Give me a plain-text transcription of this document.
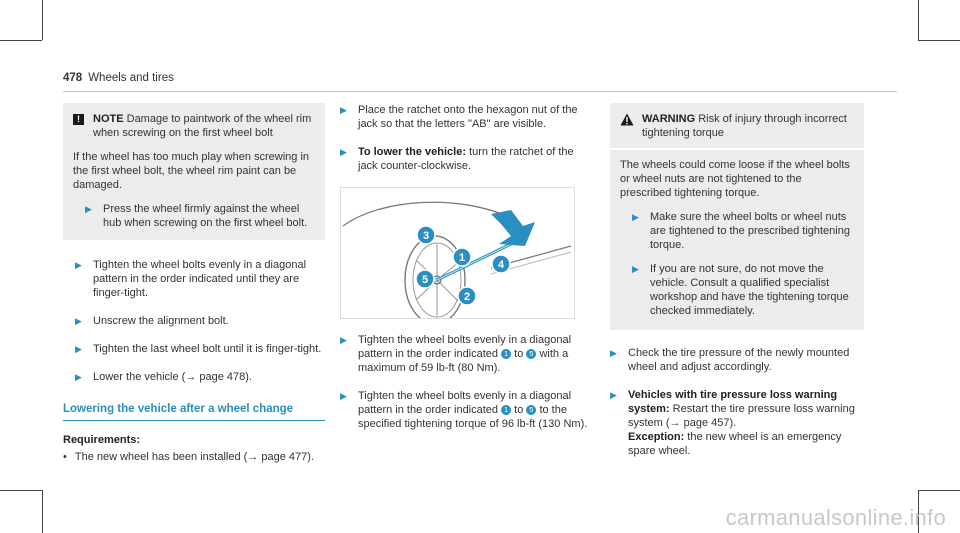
478 Wheels and tires
!	NOTE Damage to paintwork of the wheel rim when screwing on the first wheel bolt

If the wheel has too much play when screwing in the first wheel bolt, the wheel rim paint can be damaged.

▶ Press the wheel firmly against the wheel hub when screwing on the first wheel bolt.
▶ Tighten the wheel bolts evenly in a diagonal pattern in the order indicated until they are finger-tight.
▶ Unscrew the alignment bolt.
▶ Tighten the last wheel bolt until it is finger-tight.
▶ Lower the vehicle (→ page 478).
Lowering the vehicle after a wheel change
Requirements:
• The new wheel has been installed (→ page 477).
▶ Place the ratchet onto the hexagon nut of the jack so that the letters "AB" are visible.
▶ To lower the vehicle: turn the ratchet of the jack counter-clockwise.
1
2
3
4
5
▶ Tighten the wheel bolts evenly in a diagonal pattern in the order indicated 1 to 5 with a maximum of 59 lb-ft (80 Nm).
▶ Tighten the wheel bolts evenly in a diagonal pattern in the order indicated 1 to 5 to the specified tightening torque of 96 lb-ft (130 Nm).
WARNING Risk of injury through incorrect tightening torque

The wheels could come loose if the wheel bolts or wheel nuts are not tightened to the prescribed tightening torque.

▶ Make sure the wheel bolts or wheel nuts are tightened to the prescribed tightening torque.
▶ If you are not sure, do not move the vehicle. Consult a qualified specialist workshop and have the tightening torque checked immediately.
▶ Check the tire pressure of the newly mounted wheel and adjust accordingly.
▶ Vehicles with tire pressure loss warning system: Restart the tire pressure loss warning system (→ page 457).
Exception: the new wheel is an emergency spare wheel.
carmanualsonline.info
